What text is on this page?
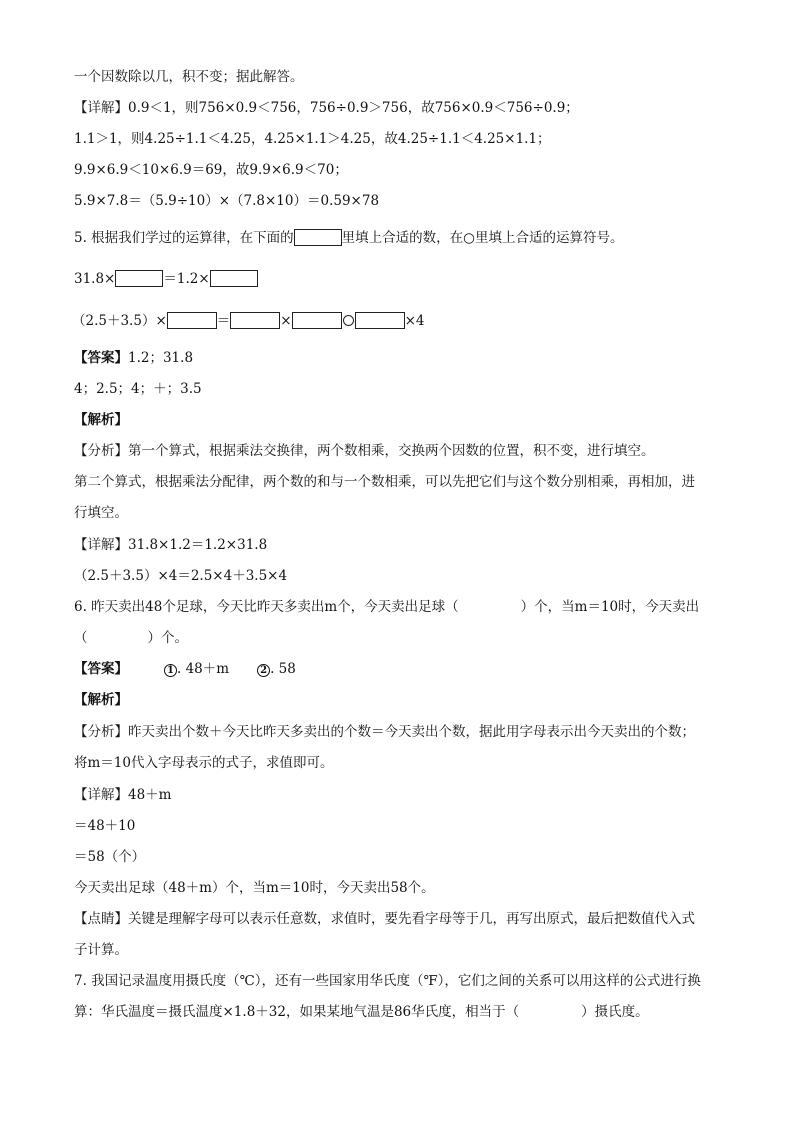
一个因数除以几，积不变；据此解答。
【详解】0.9＜1，则756×0.9＜756，756÷0.9＞756，故756×0.9＜756÷0.9；
1.1＞1，则4.25÷1.1＜4.25，4.25×1.1＞4.25，故4.25÷1.1＜4.25×1.1；
9.9×6.9＜10×6.9＝69，故9.9×6.9＜70；
5.9×7.8＝（5.9÷10）×（7.8×10）＝0.59×78
5. 根据我们学过的运算律，在下面的	里填上合适的数，在○里填上合适的运算符号。
31.8×	＝1.2×
（2.5＋3.5）×	＝	×	×4
【答案】1.2；31.8
4；2.5；4；＋；3.5
【解析】
【分析】第一个算式，根据乘法交换律，两个数相乘，交换两个因数的位置，积不变，进行填空。
第二个算式，根据乘法分配律，两个数的和与一个数相乘，可以先把它们与这个数分别相乘，再相加，进
行填空。
【详解】31.8×1.2＝1.2×31.8
（2.5＋3.5）×4＝2.5×4＋3.5×4
6. 昨天卖出48个足球，今天比昨天多卖出m个，今天卖出足球（	）个，当m＝10时，今天卖出
（	）个。
【答案】	1 . 48＋m	2 . 58
【解析】
【分析】昨天卖出个数＋今天比昨天多卖出的个数＝今天卖出个数，据此用字母表示出今天卖出的个数；
将m＝10代入字母表示的式子，求值即可。
【详解】48＋m
＝48＋10
＝58（个）
今天卖出足球（48＋m）个，当m＝10时，今天卖出58个。
【点睛】关键是理解字母可以表示任意数，求值时，要先看字母等于几，再写出原式，最后把数值代入式
子计算。
7. 我国记录温度用摄氏度（℃），还有一些国家用华氏度（℉），它们之间的关系可以用这样的公式进行换
算：华氏温度＝摄氏温度×1.8＋32，如果某地气温是86华氏度，相当于（	）摄氏度。
